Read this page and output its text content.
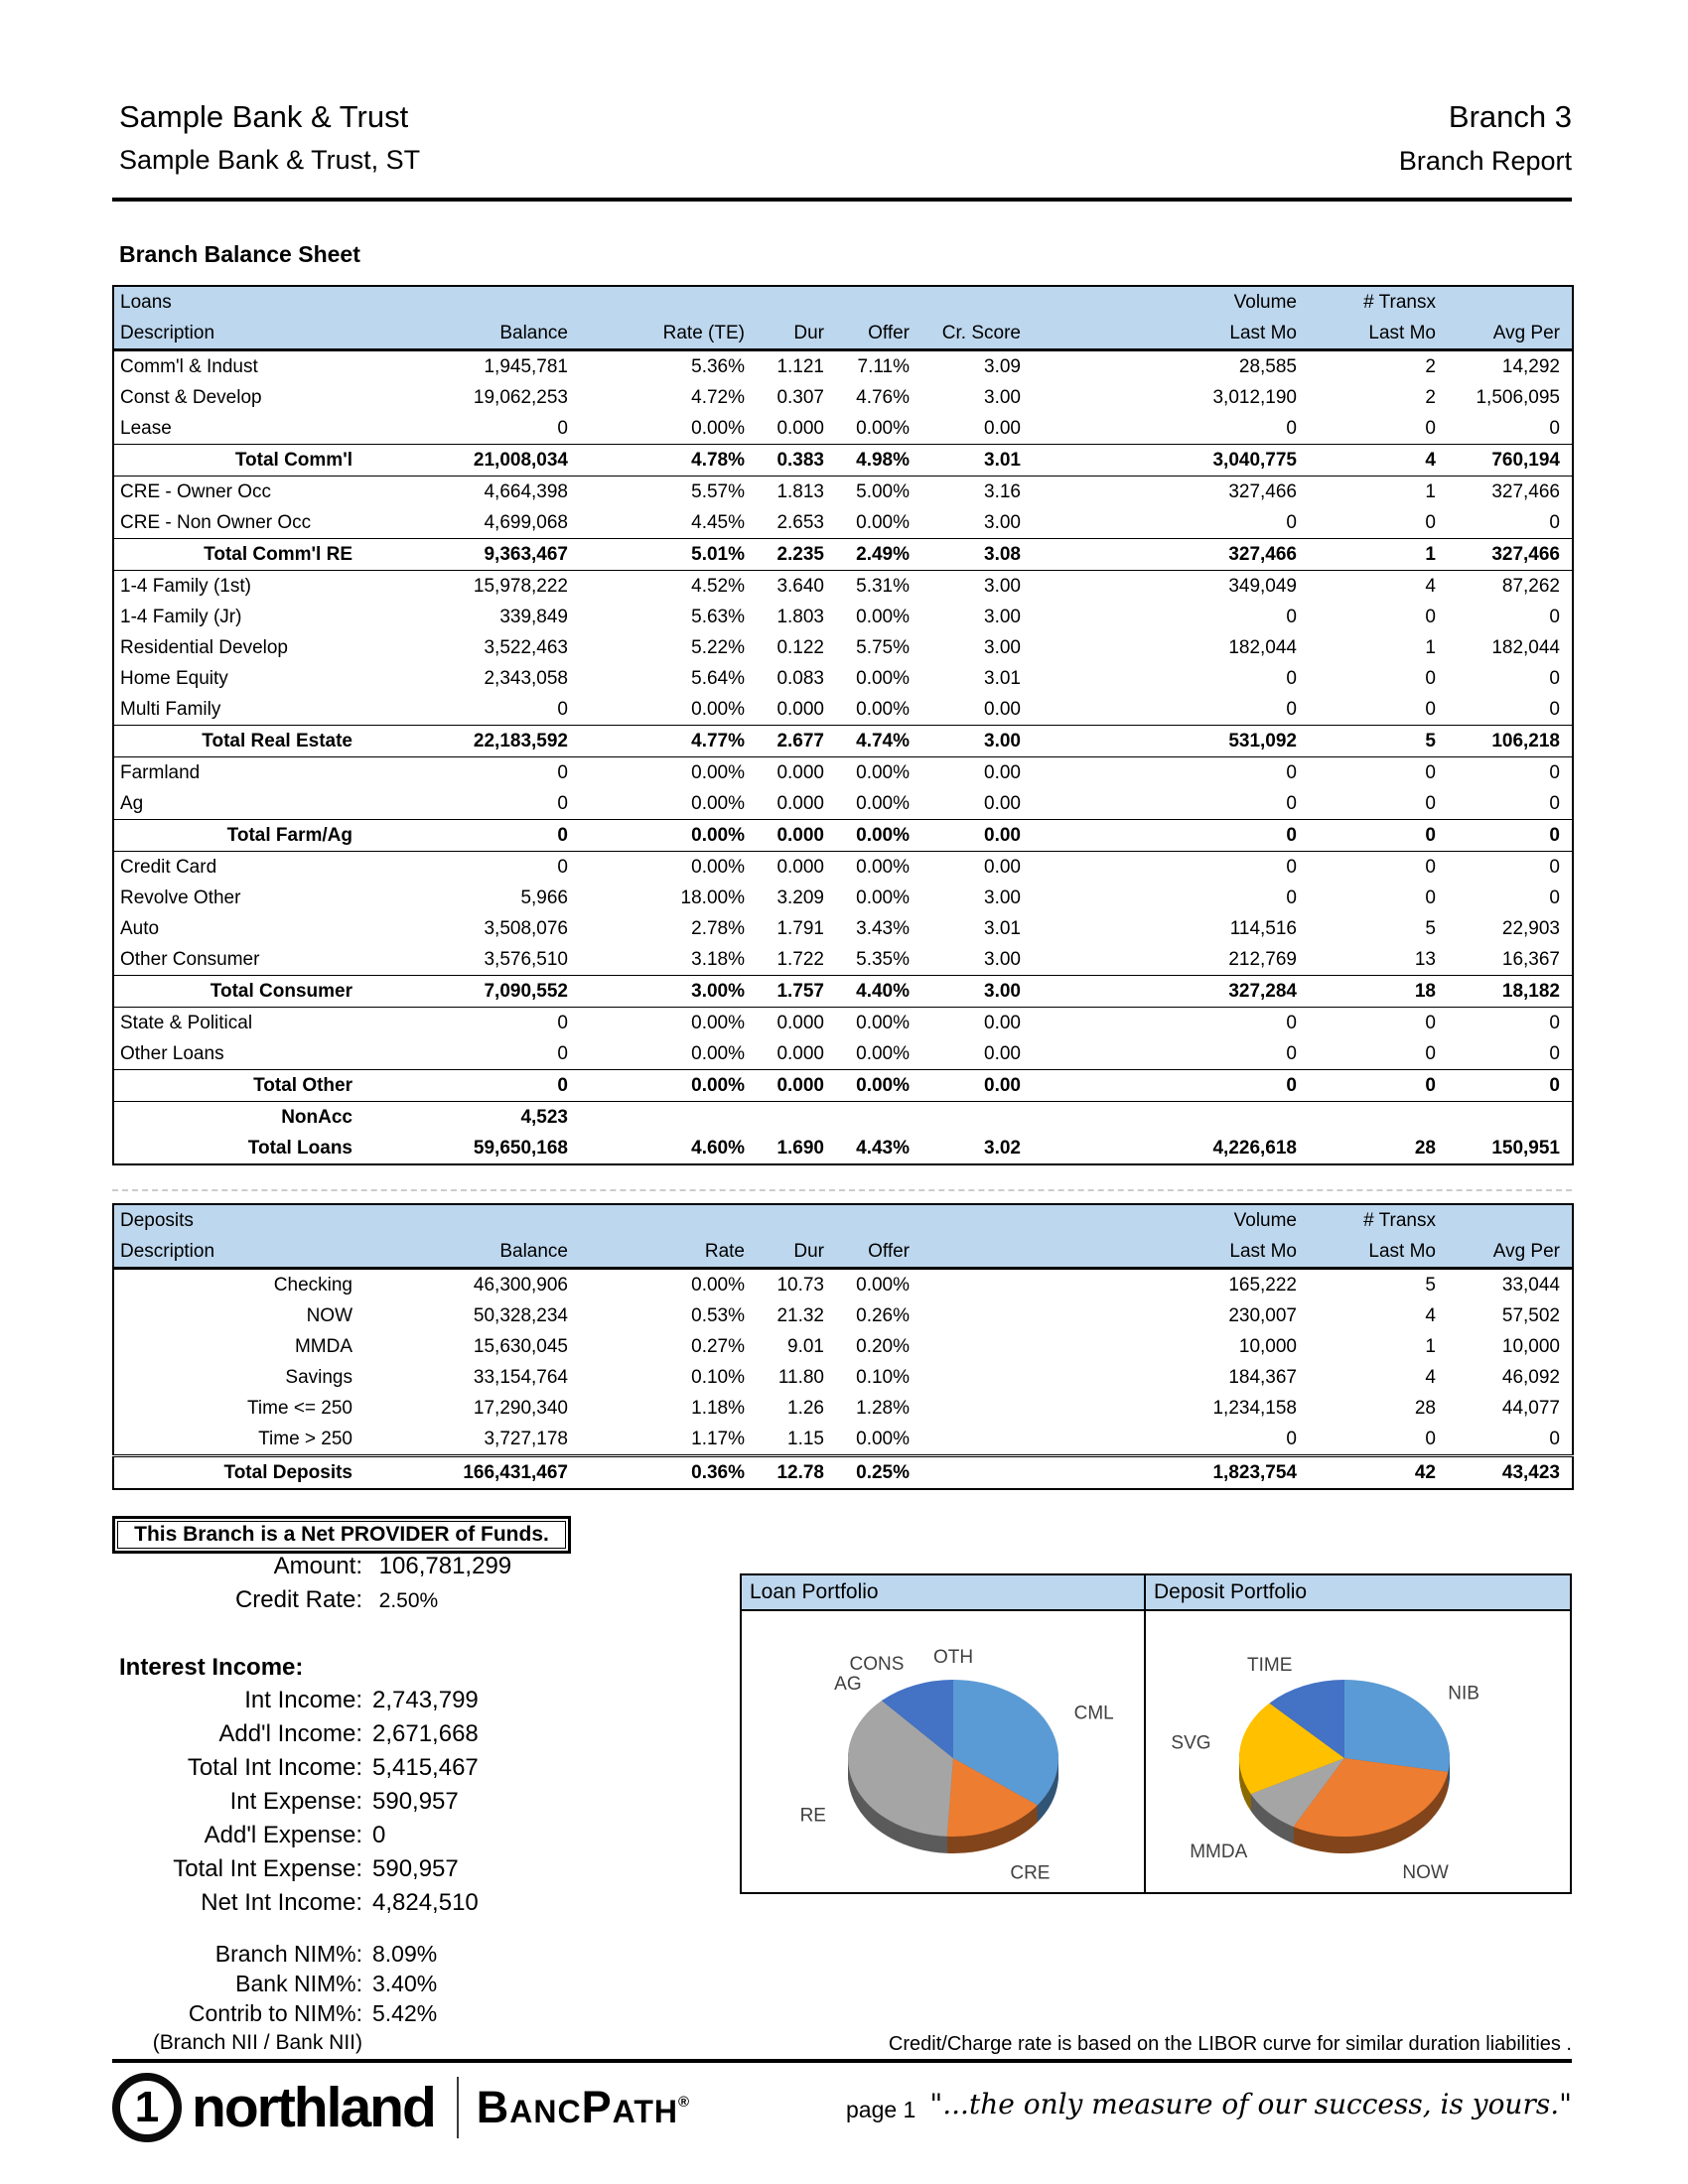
Sample Bank & Trust
Sample Bank & Trust, ST
Branch 3
Branch Report
Branch Balance Sheet
Loans						Volume	# Transx	
Description	Balance	Rate (TE)	Dur	Offer	Cr. Score	Last Mo	Last Mo	Avg Per
Comm'l & Indust	1,945,781	5.36%	1.121	7.11%	3.09	28,585	2	14,292
Const & Develop	19,062,253	4.72%	0.307	4.76%	3.00	3,012,190	2	1,506,095
Lease	0	0.00%	0.000	0.00%	0.00	0	0	0
Total Comm'l	21,008,034	4.78%	0.383	4.98%	3.01	3,040,775	4	760,194
CRE - Owner Occ	4,664,398	5.57%	1.813	5.00%	3.16	327,466	1	327,466
CRE - Non Owner Occ	4,699,068	4.45%	2.653	0.00%	3.00	0	0	0
Total Comm'l RE	9,363,467	5.01%	2.235	2.49%	3.08	327,466	1	327,466
1-4 Family (1st)	15,978,222	4.52%	3.640	5.31%	3.00	349,049	4	87,262
1-4 Family (Jr)	339,849	5.63%	1.803	0.00%	3.00	0	0	0
Residential Develop	3,522,463	5.22%	0.122	5.75%	3.00	182,044	1	182,044
Home Equity	2,343,058	5.64%	0.083	0.00%	3.01	0	0	0
Multi Family	0	0.00%	0.000	0.00%	0.00	0	0	0
Total Real Estate	22,183,592	4.77%	2.677	4.74%	3.00	531,092	5	106,218
Farmland	0	0.00%	0.000	0.00%	0.00	0	0	0
Ag	0	0.00%	0.000	0.00%	0.00	0	0	0
Total Farm/Ag	0	0.00%	0.000	0.00%	0.00	0	0	0
Credit Card	0	0.00%	0.000	0.00%	0.00	0	0	0
Revolve Other	5,966	18.00%	3.209	0.00%	3.00	0	0	0
Auto	3,508,076	2.78%	1.791	3.43%	3.01	114,516	5	22,903
Other Consumer	3,576,510	3.18%	1.722	5.35%	3.00	212,769	13	16,367
Total Consumer	7,090,552	3.00%	1.757	4.40%	3.00	327,284	18	18,182
State & Political	0	0.00%	0.000	0.00%	0.00	0	0	0
Other Loans	0	0.00%	0.000	0.00%	0.00	0	0	0
Total Other	0	0.00%	0.000	0.00%	0.00	0	0	0
NonAcc	4,523							
Total Loans	59,650,168	4.60%	1.690	4.43%	3.02	4,226,618	28	150,951
Deposits						Volume	# Transx	
Description	Balance	Rate	Dur	Offer		Last Mo	Last Mo	Avg Per
Checking	46,300,906	0.00%	10.73	0.00%		165,222	5	33,044
NOW	50,328,234	0.53%	21.32	0.26%		230,007	4	57,502
MMDA	15,630,045	0.27%	9.01	0.20%		10,000	1	10,000
Savings	33,154,764	0.10%	11.80	0.10%		184,367	4	46,092
Time <= 250	17,290,340	1.18%	1.26	1.28%		1,234,158	28	44,077
Time > 250	3,727,178	1.17%	1.15	0.00%		0	0	0
Total Deposits	166,431,467	0.36%	12.78	0.25%		1,823,754	42	43,423
This Branch is a Net PROVIDER of Funds.
Amount: 106,781,299
Credit Rate: 2.50%
Interest Income:
Int Income: 2,743,799
Add'l Income: 2,671,668
Total Int Income: 5,415,467
Int Expense: 590,957
Add'l Expense: 0
Total Int Expense: 590,957
Net Int Income: 4,824,510
Branch NIM%: 8.09%
Bank NIM%: 3.40%
Contrib to NIM%: 5.42%
(Branch NII / Bank NII)
Loan Portfolio
CML
CRE
RE
AG
CONS OTH
Deposit Portfolio
NIB
NOW
MMDA
SVG
TIME
Credit/Charge rate is based on the LIBOR curve for similar duration liabilities .
1 northland BancPath®	page 1 "...the only measure of our success, is yours."
